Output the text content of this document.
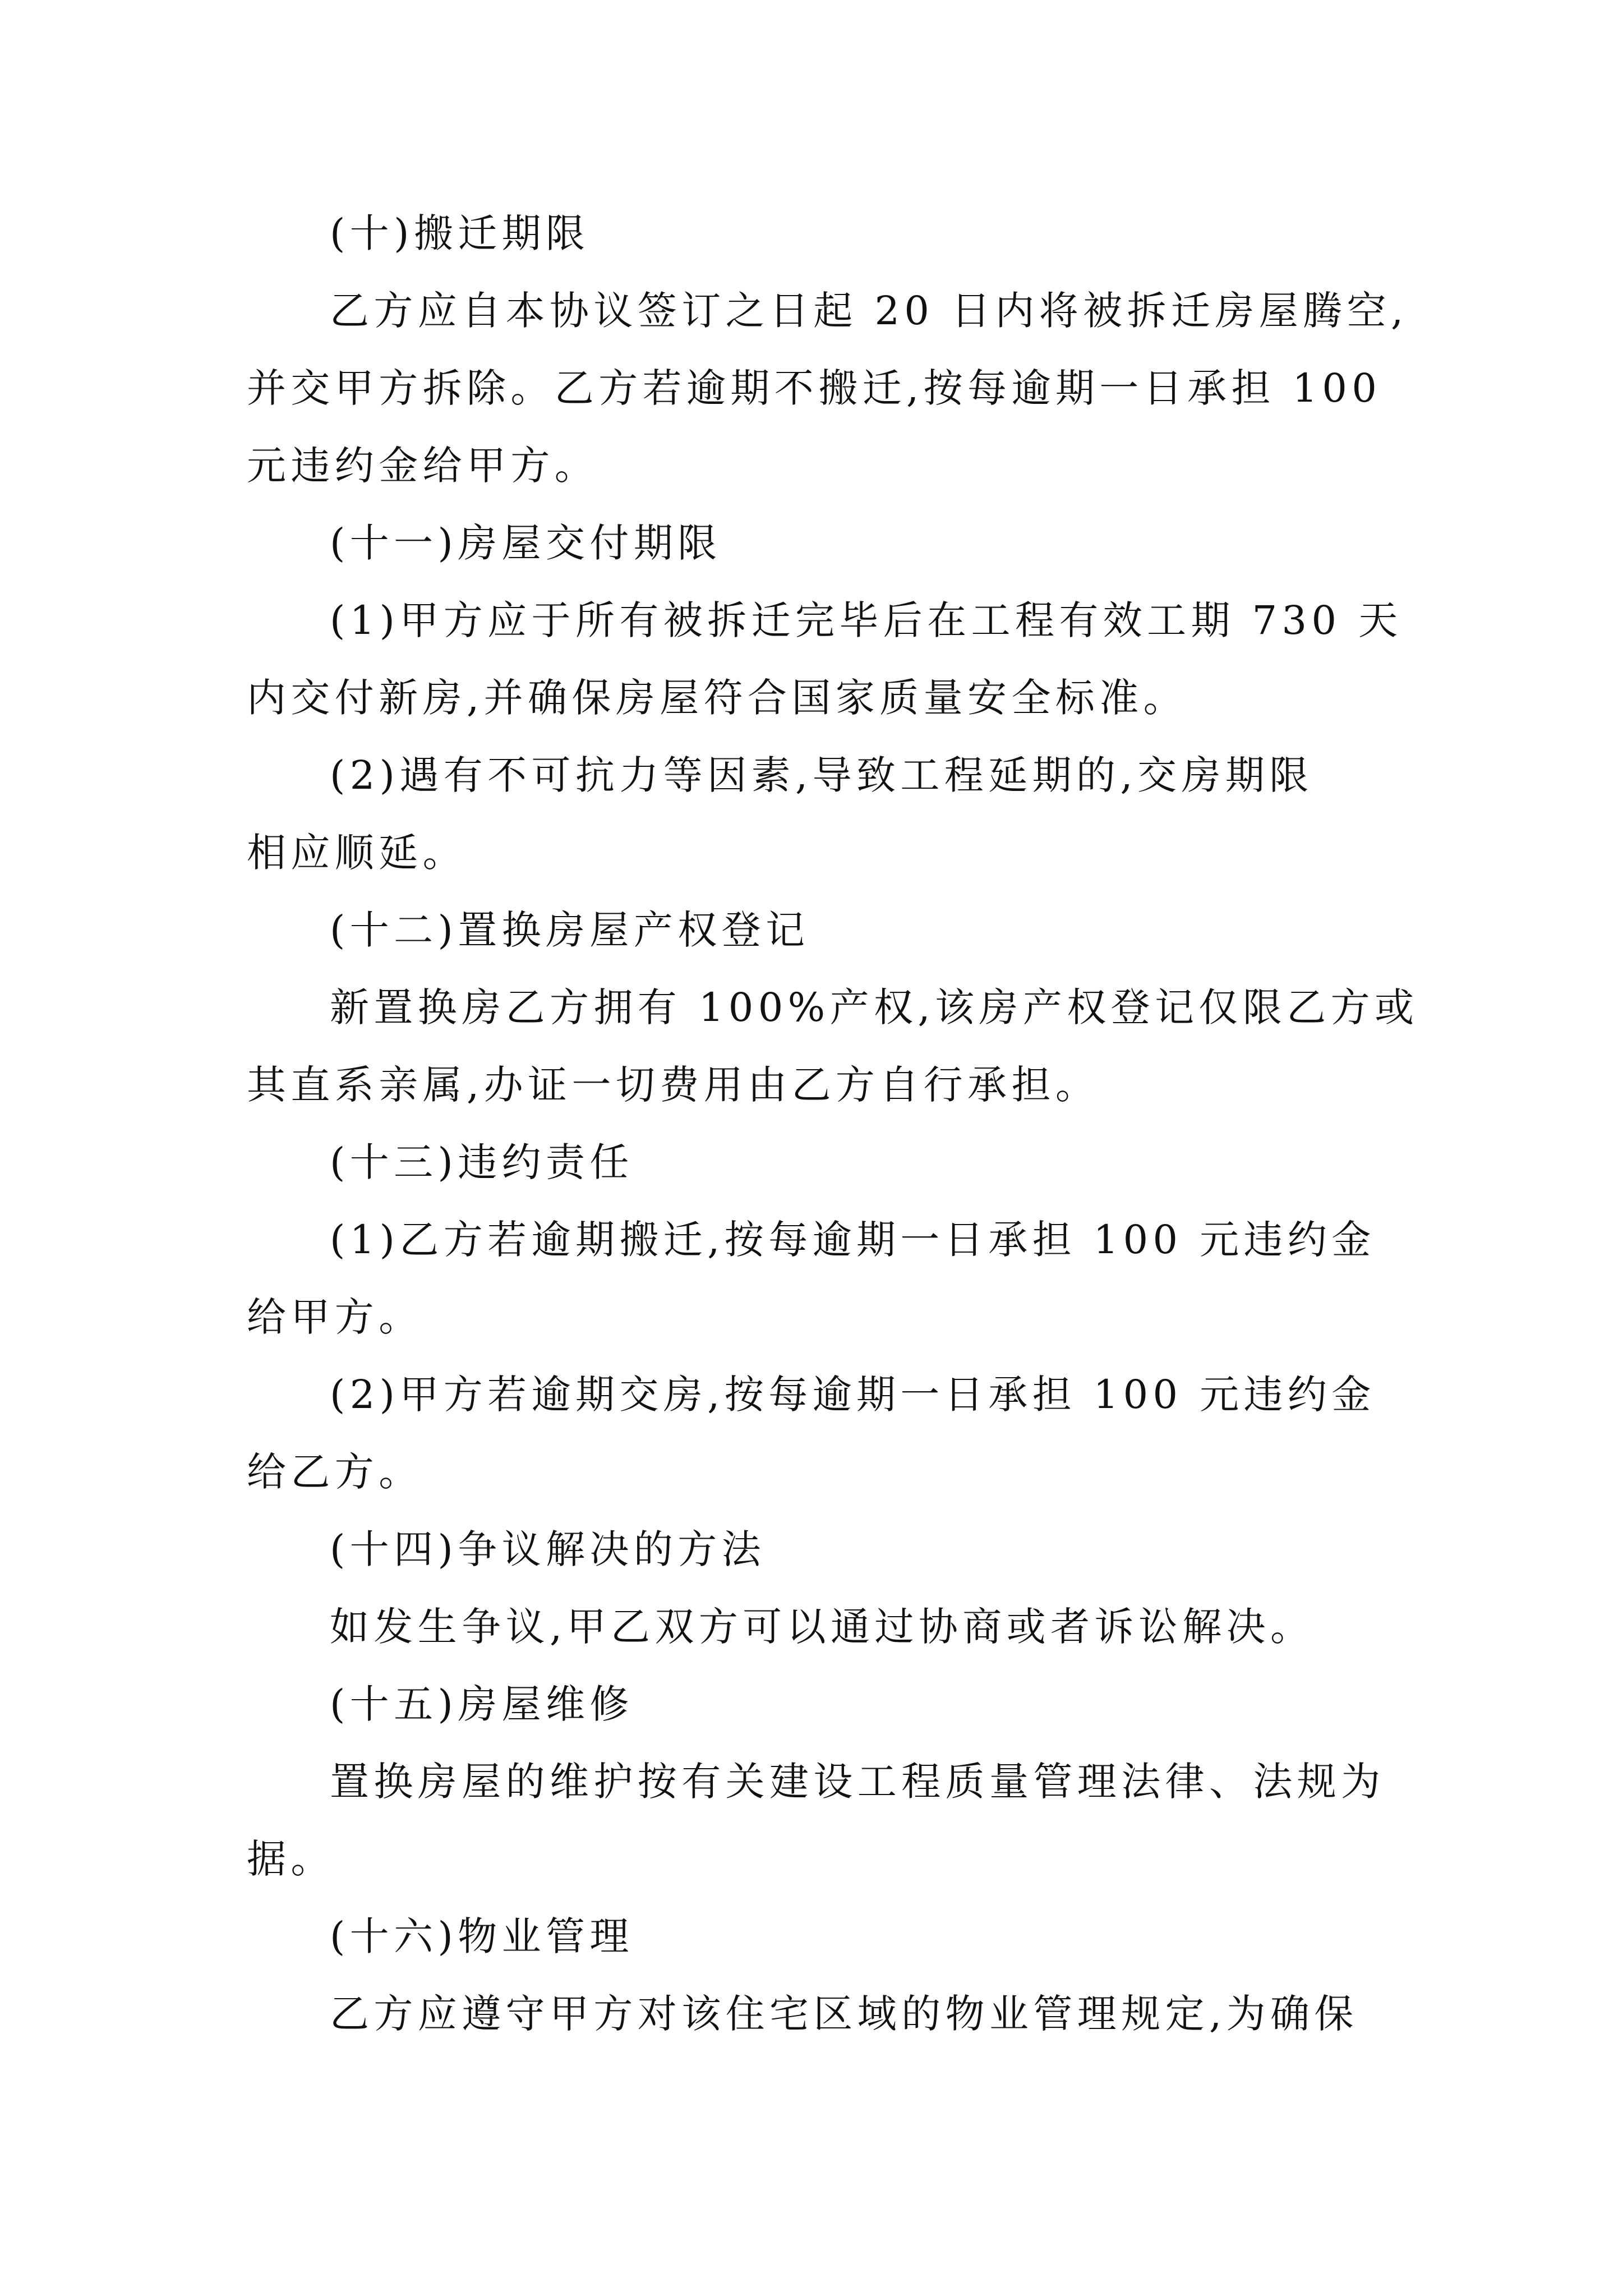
(十)搬迁期限
乙方应自本协议签订之日起 20 日内将被拆迁房屋腾空,
并交甲方拆除。乙方若逾期不搬迁,按每逾期一日承担 100
元违约金给甲方。
(十一)房屋交付期限
(1)甲方应于所有被拆迁完毕后在工程有效工期 730 天
内交付新房,并确保房屋符合国家质量安全标准。
(2)遇有不可抗力等因素,导致工程延期的,交房期限
相应顺延。
(十二)置换房屋产权登记
新置换房乙方拥有 100%产权,该房产权登记仅限乙方或
其直系亲属,办证一切费用由乙方自行承担。
(十三)违约责任
(1)乙方若逾期搬迁,按每逾期一日承担 100 元违约金
给甲方。
(2)甲方若逾期交房,按每逾期一日承担 100 元违约金
给乙方。
(十四)争议解决的方法
如发生争议,甲乙双方可以通过协商或者诉讼解决。
(十五)房屋维修
置换房屋的维护按有关建设工程质量管理法律、法规为
据。
(十六)物业管理
乙方应遵守甲方对该住宅区域的物业管理规定,为确保
